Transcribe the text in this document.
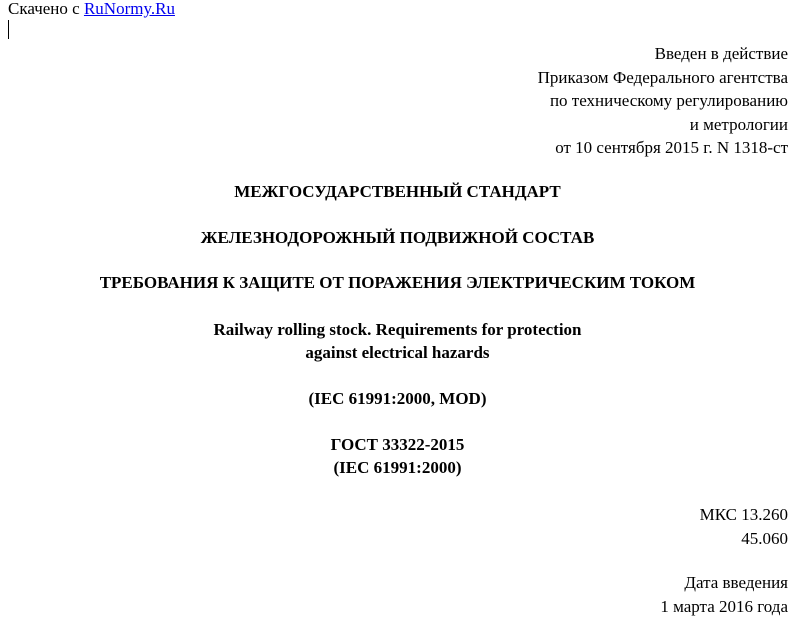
Скачено с RuNormy.Ru
Введен в действие
Приказом Федерального агентства
по техническому регулированию
и метрологии
от 10 сентября 2015 г. N 1318-ст
МЕЖГОСУДАРСТВЕННЫЙ СТАНДАРТ
ЖЕЛЕЗНОДОРОЖНЫЙ ПОДВИЖНОЙ СОСТАВ
ТРЕБОВАНИЯ К ЗАЩИТЕ ОТ ПОРАЖЕНИЯ ЭЛЕКТРИЧЕСКИМ ТОКОМ
Railway rolling stock. Requirements for protection
against electrical hazards
(IEC 61991:2000, MOD)
ГОСТ 33322-2015
(IEC 61991:2000)
МКС 13.260
45.060
Дата введения
1 марта 2016 года
